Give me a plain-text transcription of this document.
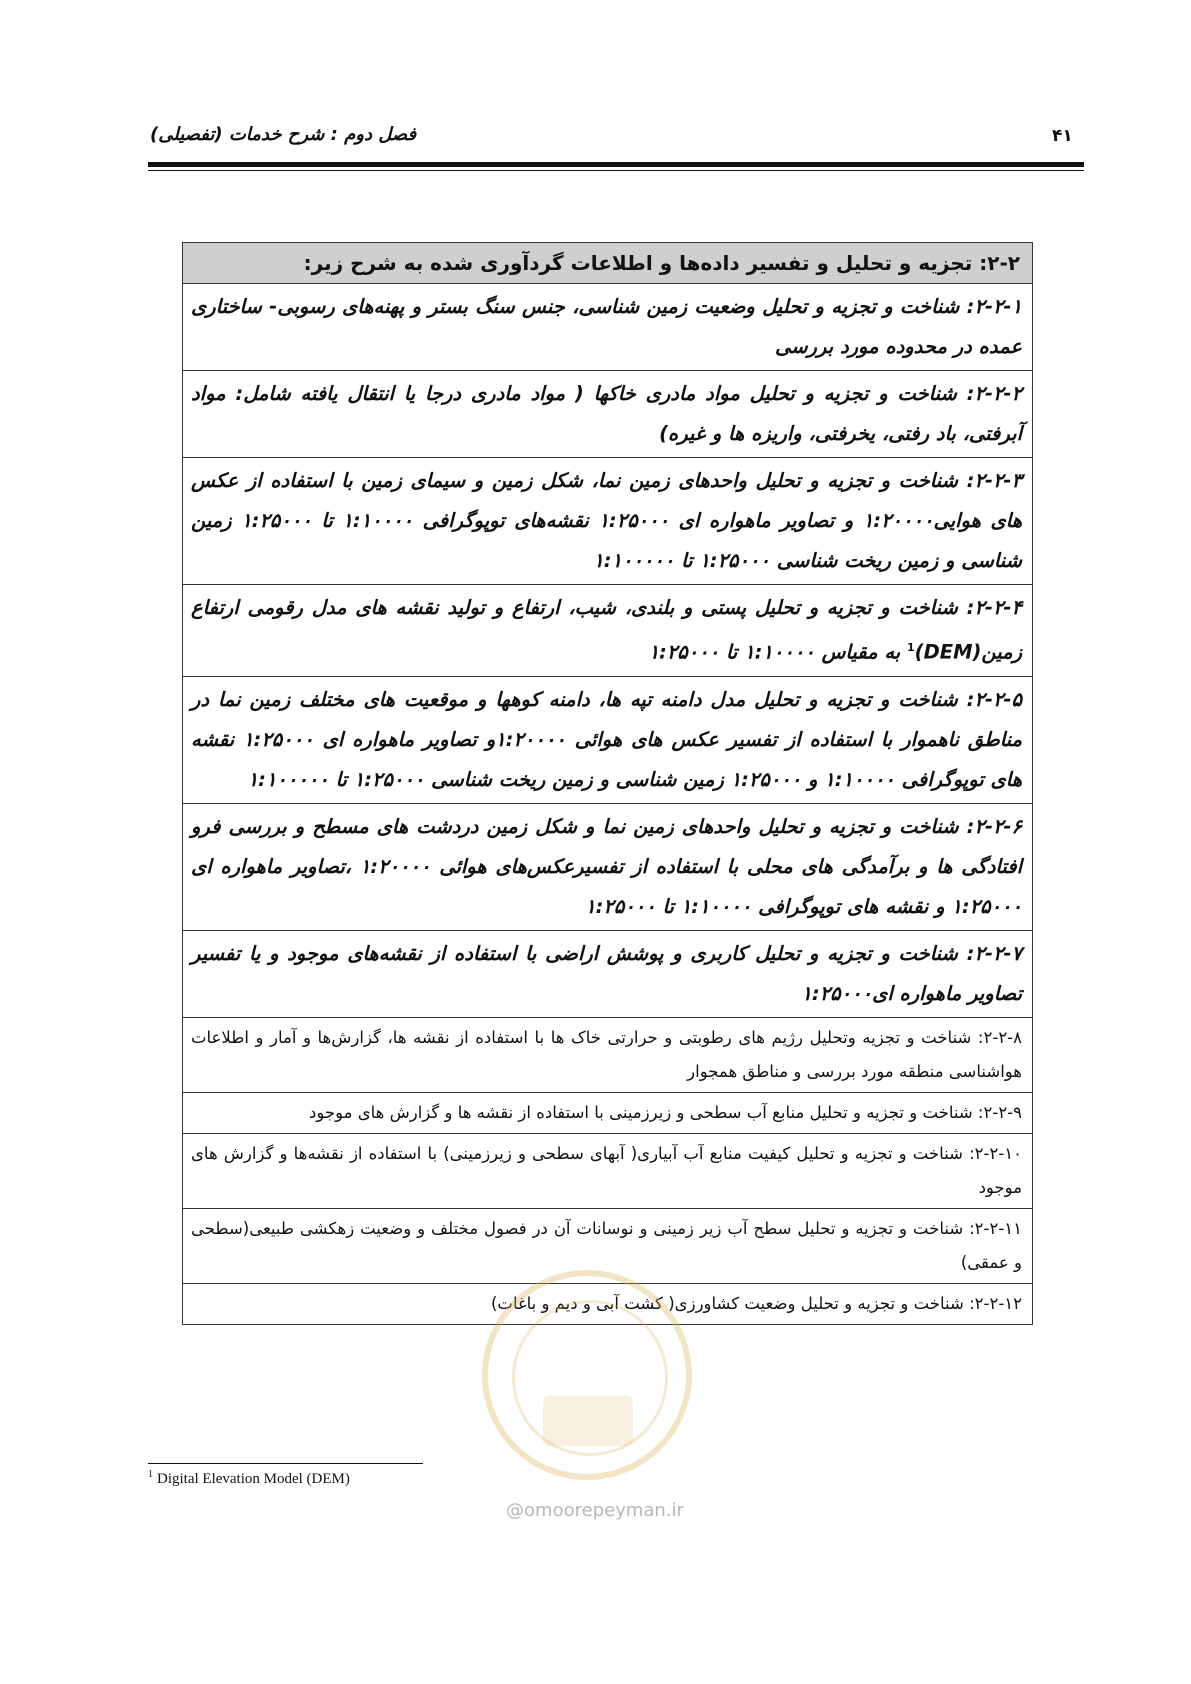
۴۱
فصل دوم : شرح خدمات (تفصیلی)
۲-۲: تجزیه و تحلیل و تفسیر داده‌ها و اطلاعات گردآوری شده به شرح زیر:
۲-۲-۱: شناخت و تجزیه و تحلیل وضعیت زمین شناسی، جنس سنگ بستر و پهنه‌های رسوبی- ساختاری عمده در محدوده مورد بررسی
۲-۲-۲: شناخت و تجزیه و تحلیل مواد مادری خاکها ( مواد مادری درجا یا انتقال یافته شامل: مواد آبرفتی، باد رفتی، یخرفتی، واریزه ها و غیره)
۲-۲-۳: شناخت و تجزیه و تحلیل واحدهای زمین نما، شکل زمین و سیمای زمین با استفاده از عکس های هوایی۱:۲۰۰۰۰ و تصاویر ماهواره ای ۱:۲۵۰۰۰ نقشه‌های توپوگرافی ۱:۱۰۰۰۰ تا ۱:۲۵۰۰۰ زمین شناسی و زمین ریخت شناسی ۱:۲۵۰۰۰ تا ۱:۱۰۰۰۰۰
۲-۲-۴: شناخت و تجزیه و تحلیل پستی و بلندی، شیب، ارتفاع و تولید نقشه های مدل رقومی ارتفاع زمین(DEM)$^1$ به مقیاس ۱:۱۰۰۰۰ تا ۱:۲۵۰۰۰
۲-۲-۵: شناخت و تجزیه و تحلیل مدل دامنه تپه ها، دامنه کوهها و موقعیت های مختلف زمین نما در مناطق ناهموار با استفاده از تفسیر عکس های هوائی ۱:۲۰۰۰۰و تصاویر ماهواره ای ۱:۲۵۰۰۰ نقشه های توپوگرافی ۱:۱۰۰۰۰ و ۱:۲۵۰۰۰ زمین شناسی و زمین ریخت شناسی ۱:۲۵۰۰۰ تا ۱:۱۰۰۰۰۰
۲-۲-۶: شناخت و تجزیه و تحلیل واحدهای زمین نما و شکل زمین دردشت های مسطح و بررسی فرو افتادگی ها و برآمدگی های محلی با استفاده از تفسیرعکس‌های هوائی ۱:۲۰۰۰۰ ،تصاویر ماهواره ای ۱:۲۵۰۰۰ و نقشه های توپوگرافی ۱:۱۰۰۰۰ تا ۱:۲۵۰۰۰
۲-۲-۷: شناخت و تجزیه و تحلیل کاربری و پوشش اراضی با استفاده از نقشه‌های موجود و یا تفسیر تصاویر ماهواره ای۱:۲۵۰۰۰
۲-۲-۸: شناخت و تجزیه وتحلیل رژیم های رطوبتی و حرارتی خاک ها با استفاده از نقشه ها، گزارش‌ها و آمار و اطلاعات هواشناسی منطقه مورد بررسی و مناطق همجوار
۲-۲-۹: شناخت و تجزیه و تحلیل منابع آب سطحی و زیرزمینی با استفاده از نقشه ها و گزارش های موجود
۲-۲-۱۰: شناخت و تجزیه و تحلیل کیفیت منابع آب آبیاری( آبهای سطحی و زیرزمینی) با استفاده از نقشه‌ها و گزارش های موجود
۲-۲-۱۱: شناخت و تجزیه و تحلیل سطح آب زیر زمینی و نوسانات آن در فصول مختلف و وضعیت زهکشی طبیعی(سطحی و عمقی)
۲-۲-۱۲: شناخت و تجزیه و تحلیل وضعیت کشاورزی( کشت آبی و دیم و باغات)
@omoorepeyman.ir
$^1$ Digital Elevation Model (DEM)
